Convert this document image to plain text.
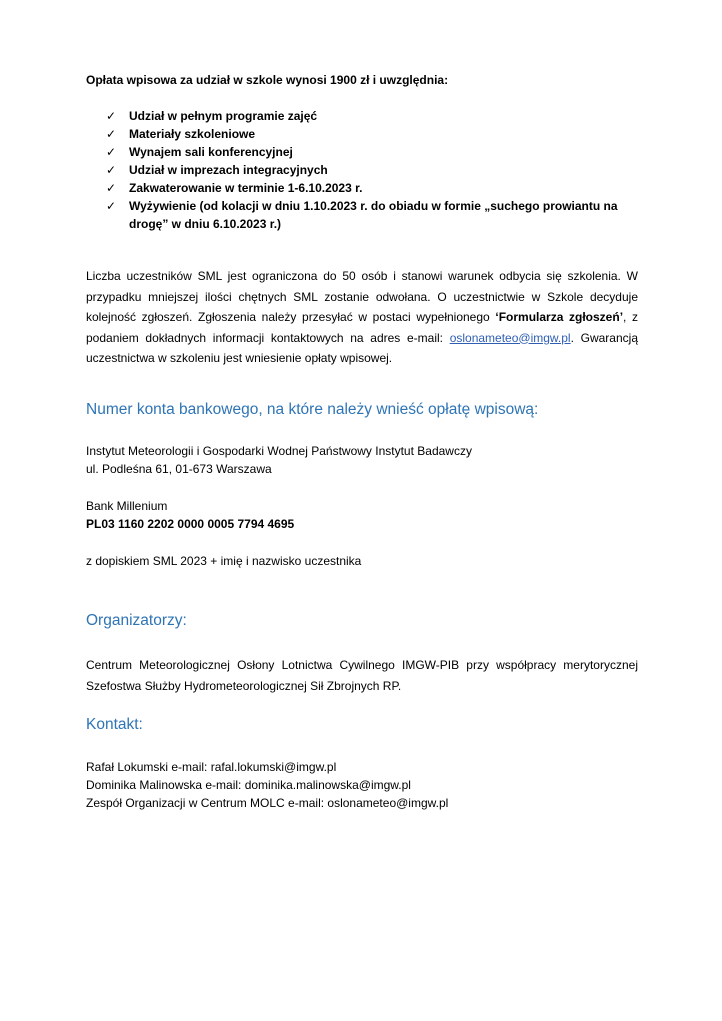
Opłata wpisowa za udział w szkole wynosi 1900 zł i uwzględnia:
✓ Udział w pełnym programie zajęć
✓ Materiały szkoleniowe
✓ Wynajem sali konferencyjnej
✓ Udział w imprezach integracyjnych
✓ Zakwaterowanie w terminie 1-6.10.2023 r.
✓ Wyżywienie (od kolacji w dniu 1.10.2023 r. do obiadu w formie „suchego prowiantu na drogę” w dniu 6.10.2023 r.)
Liczba uczestników SML jest ograniczona do 50 osób i stanowi warunek odbycia się szkolenia. W przypadku mniejszej ilości chętnych SML zostanie odwołana. O uczestnictwie w Szkole decyduje kolejność zgłoszeń. Zgłoszenia należy przesyłać w postaci wypełnionego ‘Formularza zgłoszeń’, z podaniem dokładnych informacji kontaktowych na adres e-mail: oslonameteo@imgw.pl. Gwarancją uczestnictwa w szkoleniu jest wniesienie opłaty wpisowej.
Numer konta bankowego, na które należy wnieść opłatę wpisową:
Instytut Meteorologii i Gospodarki Wodnej Państwowy Instytut Badawczy
ul. Podleśna 61, 01-673 Warszawa
Bank Millenium
PL03 1160 2202 0000 0005 7794 4695
z dopiskiem SML 2023 + imię i nazwisko uczestnika
Organizatorzy:
Centrum Meteorologicznej Osłony Lotnictwa Cywilnego IMGW-PIB przy współpracy merytorycznej Szefostwa Służby Hydrometeorologicznej Sił Zbrojnych RP.
Kontakt:
Rafał Lokumski e-mail: rafal.lokumski@imgw.pl
Dominika Malinowska e-mail: dominika.malinowska@imgw.pl
Zespół Organizacji w Centrum MOLC e-mail: oslonameteo@imgw.pl
